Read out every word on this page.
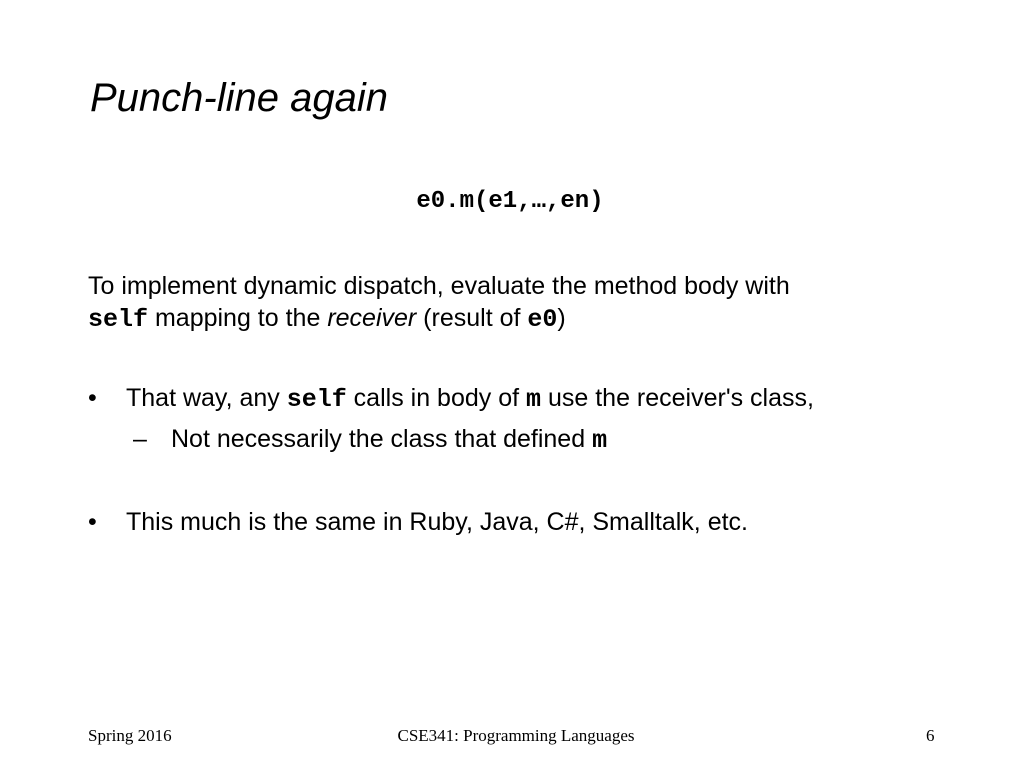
Punch-line again
e0.m(e1,…,en)
To implement dynamic dispatch, evaluate the method body with
self mapping to the receiver (result of e0)
• That way, any self calls in body of m use the receiver's class,
– Not necessarily the class that defined m
• This much is the same in Ruby, Java, C#, Smalltalk, etc.
Spring 2016	CSE341: Programming Languages	6
